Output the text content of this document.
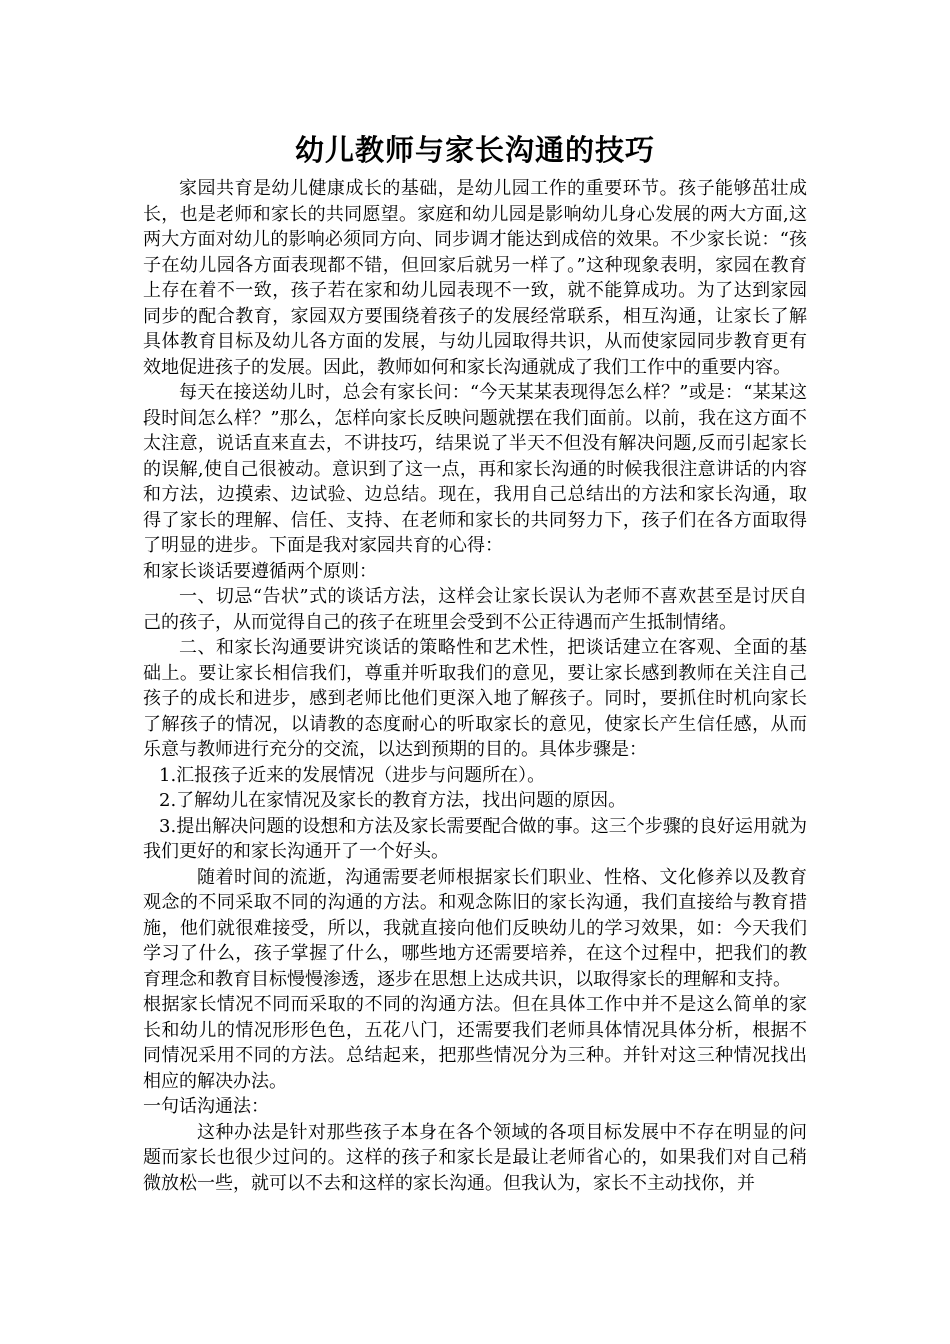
幼儿教师与家长沟通的技巧

家园共育是幼儿健康成长的基础，是幼儿园工作的重要环节。孩子能够茁壮成长，也是老师和家长的共同愿望。家庭和幼儿园是影响幼儿身心发展的两大方面,这两大方面对幼儿的影响必须同方向、同步调才能达到成倍的效果。不少家长说：“孩子在幼儿园各方面表现都不错，但回家后就另一样了。”这种现象表明，家园在教育上存在着不一致，孩子若在家和幼儿园表现不一致，就不能算成功。为了达到家园同步的配合教育，家园双方要围绕着孩子的发展经常联系，相互沟通，让家长了解具体教育目标及幼儿各方面的发展，与幼儿园取得共识，从而使家园同步教育更有效地促进孩子的发展。因此，教师如何和家长沟通就成了我们工作中的重要内容。

每天在接送幼儿时，总会有家长问：“今天某某表现得怎么样？”或是：“某某这段时间怎么样？”那么，怎样向家长反映问题就摆在我们面前。以前，我在这方面不太注意，说话直来直去，不讲技巧，结果说了半天不但没有解决问题,反而引起家长的误解,使自己很被动。意识到了这一点，再和家长沟通的时候我很注意讲话的内容和方法，边摸索、边试验、边总结。现在，我用自己总结出的方法和家长沟通，取得了家长的理解、信任、支持、在老师和家长的共同努力下，孩子们在各方面取得了明显的进步。下面是我对家园共育的心得：

和家长谈话要遵循两个原则：

一、切忌“告状”式的谈话方法，这样会让家长误认为老师不喜欢甚至是讨厌自己的孩子，从而觉得自己的孩子在班里会受到不公正待遇而产生抵制情绪。

二、和家长沟通要讲究谈话的策略性和艺术性，把谈话建立在客观、全面的基础上。要让家长相信我们，尊重并听取我们的意见，要让家长感到教师在关注自己孩子的成长和进步，感到老师比他们更深入地了解孩子。同时，要抓住时机向家长了解孩子的情况，以请教的态度耐心的听取家长的意见，使家长产生信任感，从而乐意与教师进行充分的交流，以达到预期的目的。具体步骤是：

1.汇报孩子近来的发展情况（进步与问题所在）。

2.了解幼儿在家情况及家长的教育方法，找出问题的原因。

3.提出解决问题的设想和方法及家长需要配合做的事。这三个步骤的良好运用就为我们更好的和家长沟通开了一个好头。

随着时间的流逝，沟通需要老师根据家长们职业、性格、文化修养以及教育观念的不同采取不同的沟通的方法。和观念陈旧的家长沟通，我们直接给与教育措施，他们就很难接受，所以，我就直接向他们反映幼儿的学习效果，如：今天我们学习了什么，孩子掌握了什么，哪些地方还需要培养，在这个过程中，把我们的教育理念和教育目标慢慢渗透，逐步在思想上达成共识，以取得家长的理解和支持。

根据家长情况不同而采取的不同的沟通方法。但在具体工作中并不是这么简单的家长和幼儿的情况形形色色，五花八门，还需要我们老师具体情况具体分析，根据不同情况采用不同的方法。总结起来，把那些情况分为三种。并针对这三种情况找出相应的解决办法。

一句话沟通法：

这种办法是针对那些孩子本身在各个领域的各项目标发展中不存在明显的问题而家长也很少过问的。这样的孩子和家长是最让老师省心的，如果我们对自己稍微放松一些，就可以不去和这样的家长沟通。但我认为，家长不主动找你，并
